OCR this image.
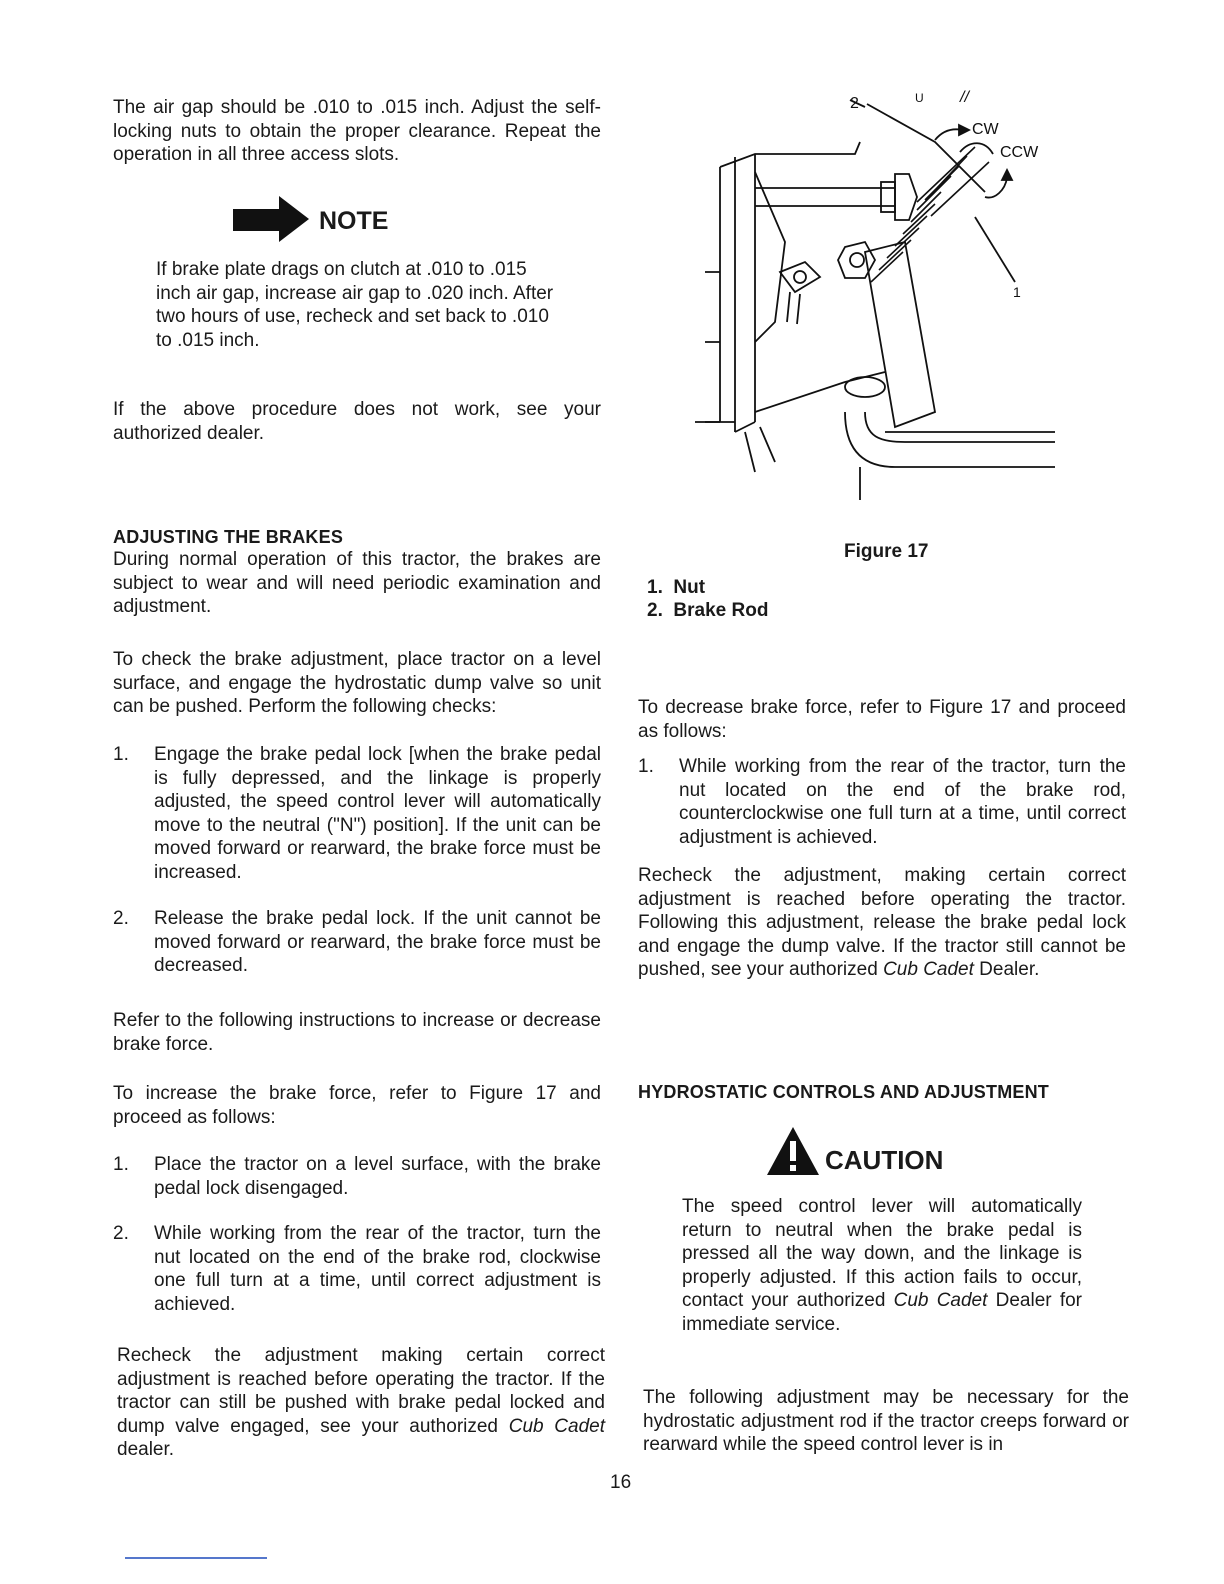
The air gap should be .010 to .015 inch. Adjust the self-locking nuts to obtain the proper clearance. Repeat the operation in all three access slots.

NOTE

If brake plate drags on clutch at .010 to .015 inch air gap, increase air gap to .020 inch. After two hours of use, recheck and set back to .010 to .015 inch.

If the above procedure does not work, see your authorized dealer.

ADJUSTING THE BRAKES

During normal operation of this tractor, the brakes are subject to wear and will need periodic examination and adjustment.

To check the brake adjustment, place tractor on a level surface, and engage the hydrostatic dump valve so unit can be pushed. Perform the following checks:

1. Engage the brake pedal lock [when the brake pedal is fully depressed, and the linkage is properly adjusted, the speed control lever will automatically move to the neutral ("N") position]. If the unit can be moved forward or rearward, the brake force must be increased.
2. Release the brake pedal lock. If the unit cannot be moved forward or rearward, the brake force must be decreased.

Refer to the following instructions to increase or decrease brake force.

To increase the brake force, refer to Figure 17 and proceed as follows:

1. Place the tractor on a level surface, with the brake pedal lock disengaged.
2. While working from the rear of the tractor, turn the nut located on the end of the brake rod, clockwise one full turn at a time, until correct adjustment is achieved.

Recheck the adjustment making certain correct adjustment is reached before operating the tractor. If the tractor can still be pushed with brake pedal locked and dump valve engaged, see your authorized Cub Cadet dealer.

2	U //
CW
CCW
1
Figure 17
1. Nut
2. Brake Rod

To decrease brake force, refer to Figure 17 and proceed as follows:

1. While working from the rear of the tractor, turn the nut located on the end of the brake rod, counterclockwise one full turn at a time, until correct adjustment is achieved.

Recheck the adjustment, making certain correct adjustment is reached before operating the tractor. Following this adjustment, release the brake pedal lock and engage the dump valve. If the tractor still cannot be pushed, see your authorized Cub Cadet Dealer.

HYDROSTATIC CONTROLS AND ADJUSTMENT
CAUTION

The speed control lever will automatically return to neutral when the brake pedal is pressed all the way down, and the linkage is properly adjusted. If this action fails to occur, contact your authorized Cub Cadet Dealer for immediate service.

The following adjustment may be necessary for the hydrostatic adjustment rod if the tractor creeps forward or rearward while the speed control lever is in

16
